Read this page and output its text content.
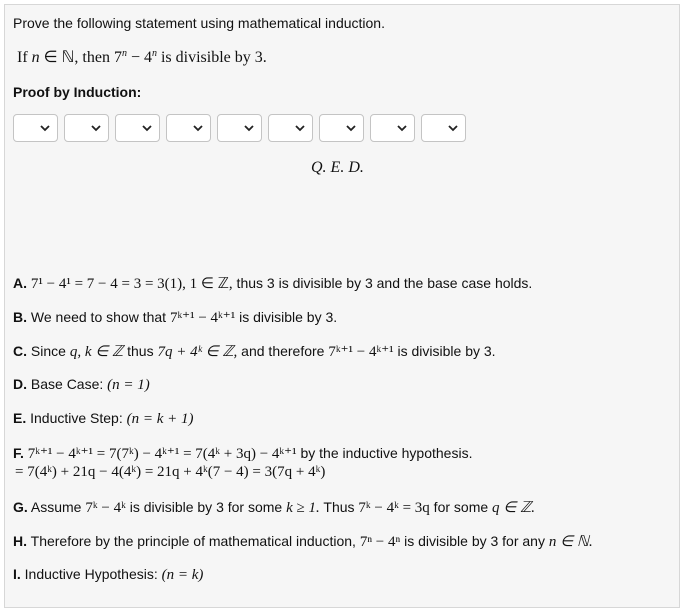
Prove the following statement using mathematical induction.
If n ∈ ℕ, then $7^n - 4^n$ is divisible by 3.
Proof by Induction:
Q. E. D.
A. 7¹ − 4¹ = 7 − 4 = 3 = 3(1), 1 ∈ ℤ, thus 3 is divisible by 3 and the base case holds.
B. We need to show that 7ᵏ⁺¹ − 4ᵏ⁺¹ is divisible by 3.
C. Since q, k ∈ ℤ thus 7q + 4ᵏ ∈ ℤ, and therefore 7ᵏ⁺¹ − 4ᵏ⁺¹ is divisible by 3.
D. Base Case: (n = 1)
E. Inductive Step: (n = k + 1)
F. 7ᵏ⁺¹ − 4ᵏ⁺¹ = 7(7ᵏ) − 4ᵏ⁺¹ = 7(4ᵏ + 3q) − 4ᵏ⁺¹ by the inductive hypothesis.
= 7(4ᵏ) + 21q − 4(4ᵏ) = 21q + 4ᵏ(7 − 4) = 3(7q + 4ᵏ)
G. Assume 7ᵏ − 4ᵏ is divisible by 3 for some k ≥ 1. Thus 7ᵏ − 4ᵏ = 3q for some q ∈ ℤ.
H. Therefore by the principle of mathematical induction, 7ⁿ − 4ⁿ is divisible by 3 for any n ∈ ℕ.
I. Inductive Hypothesis: (n = k)
